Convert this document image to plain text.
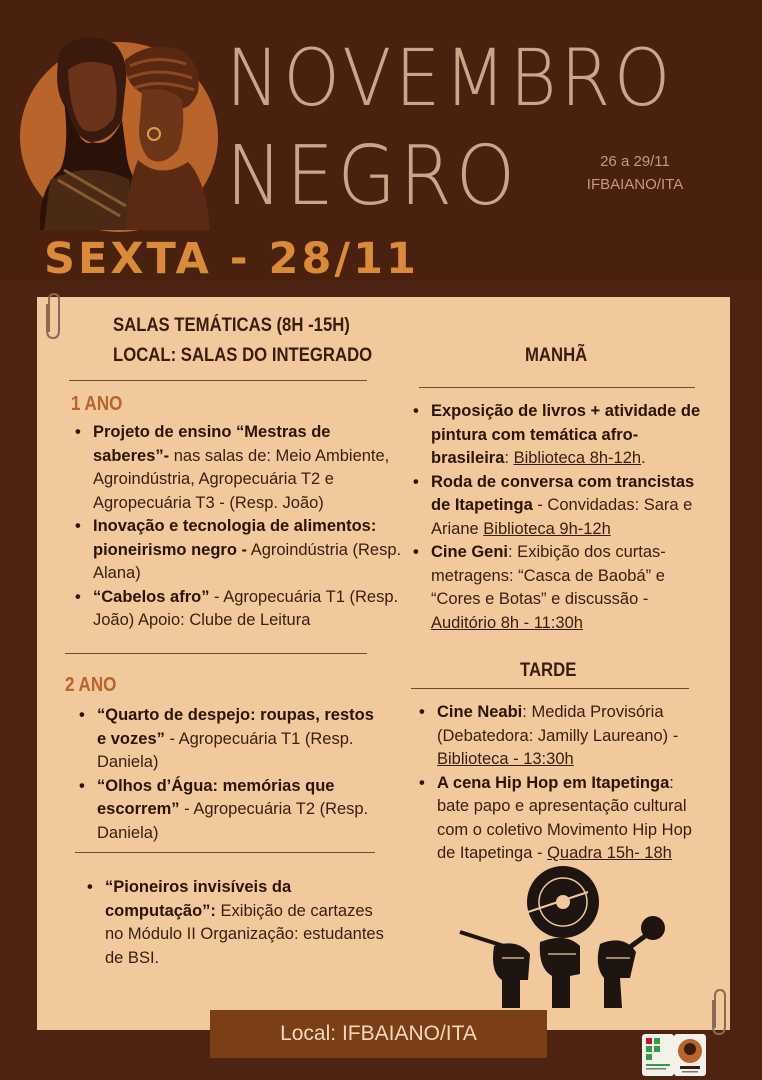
NOVEMBRO
NEGRO	26 a 29/11
IFBAIANO/ITA
SEXTA - 28/11
SALAS TEMÁTICAS (8H -15H)
LOCAL: SALAS DO INTEGRADO
1 ANO
• Projeto de ensino “Mestras de saberes”- nas salas de: Meio Ambiente, Agroindústria, Agropecuária T2 e Agropecuária T3 - (Resp. João)
• Inovação e tecnologia de alimentos: pioneirismo negro - Agroindústria (Resp. Alana)
• “Cabelos afro” - Agropecuária T1 (Resp. João) Apoio: Clube de Leitura
2 ANO
• “Quarto de despejo: roupas, restos e vozes” - Agropecuária T1 (Resp. Daniela)
• “Olhos d’Água: memórias que escorrem” - Agropecuária T2 (Resp. Daniela)
• “Pioneiros invisíveis da computação”: Exibição de cartazes no Módulo II Organização: estudantes de BSI.
MANHÃ
• Exposição de livros + atividade de pintura com temática afro-brasileira: Biblioteca 8h-12h.
• Roda de conversa com trancistas de Itapetinga - Convidadas: Sara e Ariane Biblioteca 9h-12h
• Cine Geni: Exibição dos curtas-metragens: “Casca de Baobá” e “Cores e Botas” e discussão - Auditório 8h - 11:30h
TARDE
• Cine Neabi: Medida Provisória (Debatedora: Jamilly Laureano) - Biblioteca - 13:30h
• A cena Hip Hop em Itapetinga: bate papo e apresentação cultural com o coletivo Movimento Hip Hop de Itapetinga - Quadra 15h- 18h
Local: IFBAIANO/ITA
